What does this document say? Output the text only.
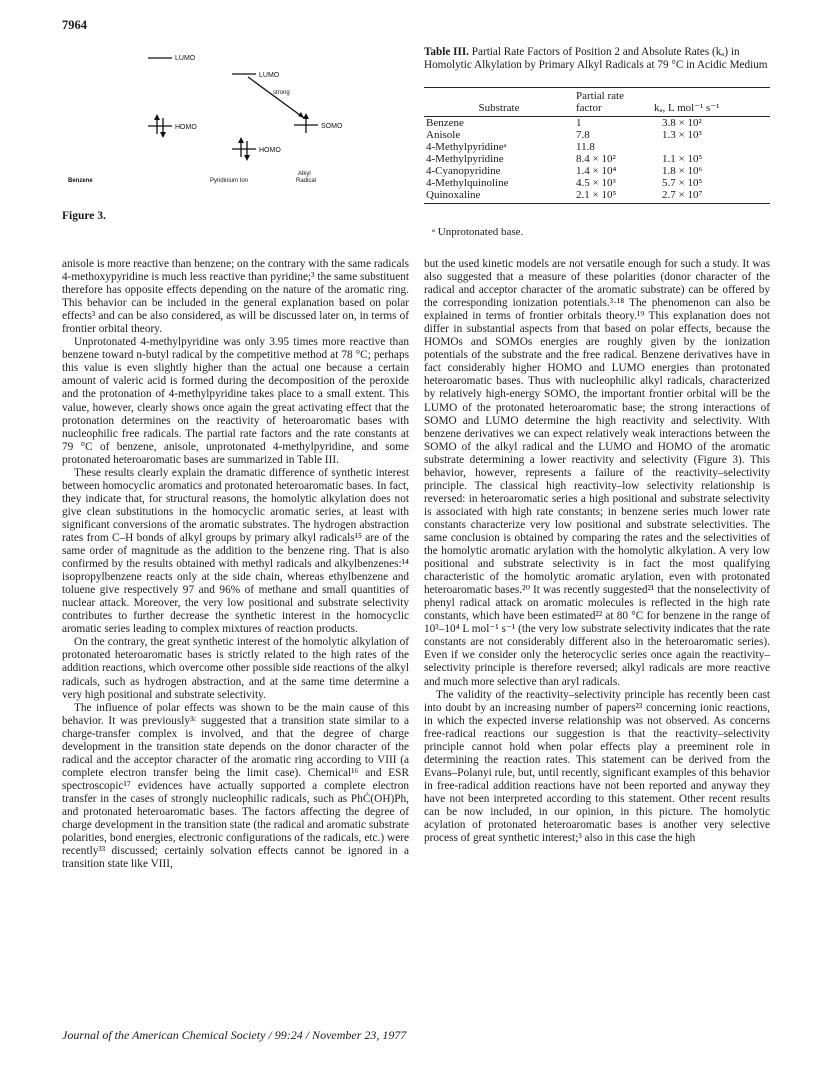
7964
LUMO
LUMO
strong
HOMO	SOMO
HOMO
Benzene	Pyridinium Ion
Alkyl
Radical
Figure 3.
Table III. Partial Rate Factors of Position 2 and Absolute Rates (kₐ) in Homolytic Alkylation by Primary Alkyl Radicals at 79 °C in Acidic Medium
Substrate	Partial rate factor	kₐ, L mol⁻¹ s⁻¹
Benzene	1	3.8 × 10²
Anisole	7.8	1.3 × 10³
4-Methylpyridineᵃ	11.8	
4-Methylpyridine	8.4 × 10²	1.1 × 10⁵
4-Cyanopyridine	1.4 × 10⁴	1.8 × 10⁶
4-Methylquinoline	4.5 × 10³	5.7 × 10⁵
Quinoxaline	2.1 × 10⁵	2.7 × 10⁷
ᵃ Unprotonated base.

anisole is more reactive than benzene; on the contrary with the same radicals 4-methoxypyridine is much less reactive than pyridine;³ the same substituent therefore has opposite effects depending on the nature of the aromatic ring. This behavior can be included in the general explanation based on polar effects³ and can be also considered, as will be discussed later on, in terms of frontier orbital theory.

Unprotonated 4-methylpyridine was only 3.95 times more reactive than benzene toward n-butyl radical by the competitive method at 78 °C; perhaps this value is even slightly higher than the actual one because a certain amount of valeric acid is formed during the decomposition of the peroxide and the protonation of 4-methylpyridine takes place to a small extent. This value, however, clearly shows once again the great activating effect that the protonation determines on the reactivity of heteroaromatic bases with nucleophilic free radicals. The partial rate factors and the rate constants at 79 °C of benzene, anisole, unprotonated 4-methylpyridine, and some protonated heteroaromatic bases are summarized in Table III.

These results clearly explain the dramatic difference of synthetic interest between homocyclic aromatics and protonated heteroaromatic bases. In fact, they indicate that, for structural reasons, the homolytic alkylation does not give clean substitutions in the homocyclic aromatic series, at least with significant conversions of the aromatic substrates. The hydrogen abstraction rates from C–H bonds of alkyl groups by primary alkyl radicals¹⁵ are of the same order of magnitude as the addition to the benzene ring. That is also confirmed by the results obtained with methyl radicals and alkylbenzenes:¹⁴ isopropylbenzene reacts only at the side chain, whereas ethylbenzene and toluene give respectively 97 and 96% of methane and small quantities of nuclear attack. Moreover, the very low positional and substrate selectivity contributes to further decrease the synthetic interest in the homocyclic aromatic series leading to complex mixtures of reaction products.

On the contrary, the great synthetic interest of the homolytic alkylation of protonated heteroaromatic bases is strictly related to the high rates of the addition reactions, which overcome other possible side reactions of the alkyl radicals, such as hydrogen abstraction, and at the same time determine a very high positional and substrate selectivity.

The influence of polar effects was shown to be the main cause of this behavior. It was previously³ᶜ suggested that a transition state similar to a charge-transfer complex is involved, and that the degree of charge development in the transition state depends on the donor character of the radical and the acceptor character of the aromatic ring according to VIII (a complete electron transfer being the limit case). Chemical¹⁶ and ESR spectroscopic¹⁷ evidences have actually supported a complete electron transfer in the cases of strongly nucleophilic radicals, such as PhĊ(OH)Ph, and protonated heteroaromatic bases. The factors affecting the degree of charge development in the transition state (the radical and aromatic substrate polarities, bond energies, electronic configurations of the radicals, etc.) were recently³³ discussed; certainly solvation effects cannot be ignored in a transition state like VIII,

but the used kinetic models are not versatile enough for such a study. It was also suggested that a measure of these polarities (donor character of the radical and acceptor character of the aromatic substrate) can be offered by the corresponding ionization potentials.³·¹⁸ The phenomenon can also be explained in terms of frontier orbitals theory.¹⁹ This explanation does not differ in substantial aspects from that based on polar effects, because the HOMOs and SOMOs energies are roughly given by the ionization potentials of the substrate and the free radical. Benzene derivatives have in fact considerably higher HOMO and LUMO energies than protonated heteroaromatic bases. Thus with nucleophilic alkyl radicals, characterized by relatively high-energy SOMO, the important frontier orbital will be the LUMO of the protonated heteroaromatic base; the strong interactions of SOMO and LUMO determine the high reactivity and selectivity. With benzene derivatives we can expect relatively weak interactions between the SOMO of the alkyl radical and the LUMO and HOMO of the aromatic substrate determining a lower reactivity and selectivity (Figure 3). This behavior, however, represents a failure of the reactivity–selectivity principle. The classical high reactivity–low selectivity relationship is reversed: in heteroaromatic series a high positional and substrate selectivity is associated with high rate constants; in benzene series much lower rate constants characterize very low positional and substrate selectivities. The same conclusion is obtained by comparing the rates and the selectivities of the homolytic aromatic arylation with the homolytic alkylation. A very low positional and substrate selectivity is in fact the most qualifying characteristic of the homolytic aromatic arylation, even with protonated heteroaromatic bases.²⁰ It was recently suggested²¹ that the nonselectivity of phenyl radical attack on aromatic molecules is reflected in the high rate constants, which have been estimated²² at 80 °C for benzene in the range of 10³–10⁴ L mol⁻¹ s⁻¹ (the very low substrate selectivity indicates that the rate constants are not considerably different also in the heteroaromatic series). Even if we consider only the heterocyclic series once again the reactivity–selectivity principle is therefore reversed; alkyl radicals are more reactive and much more selective than aryl radicals.

The validity of the reactivity–selectivity principle has recently been cast into doubt by an increasing number of papers²³ concerning ionic reactions, in which the expected inverse relationship was not observed. As concerns free-radical reactions our suggestion is that the reactivity–selectivity principle cannot hold when polar effects play a preeminent role in determining the reaction rates. This statement can be derived from the Evans–Polanyi rule, but, until recently, significant examples of this behavior in free-radical addition reactions have not been reported and anyway they have not been interpreted according to this statement. Other recent results can be now included, in our opinion, in this picture. The homolytic acylation of protonated heteroaromatic bases is another very selective process of great synthetic interest;³ also in this case the high

Journal of the American Chemical Society / 99:24 / November 23, 1977
